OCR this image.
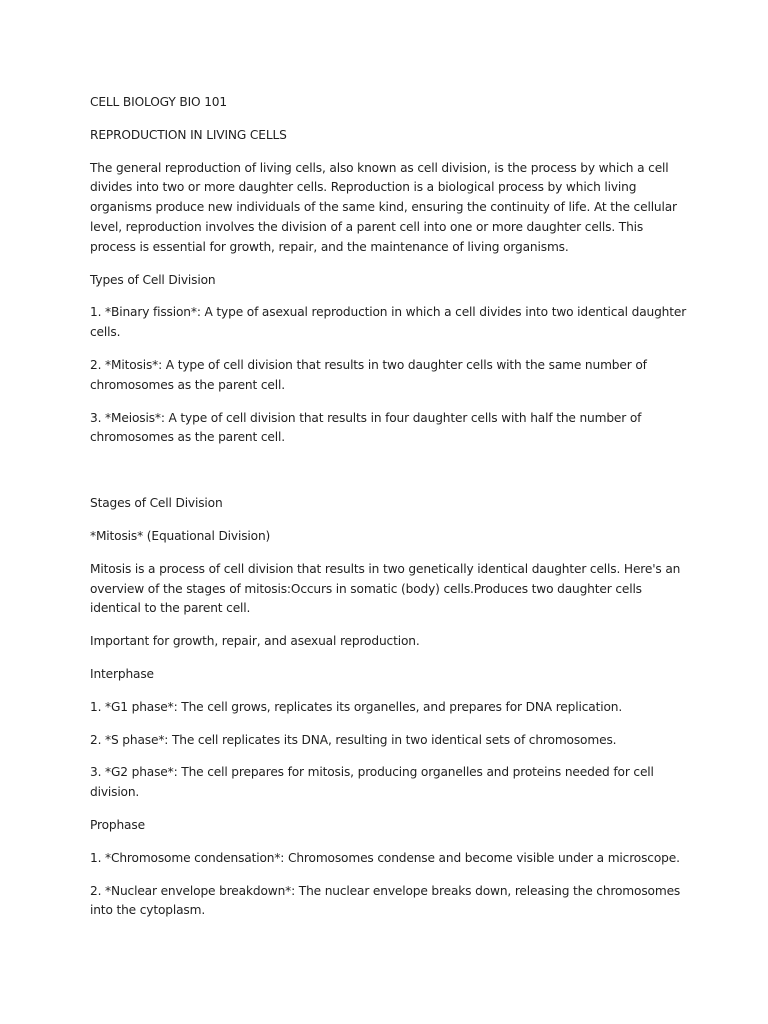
CELL BIOLOGY BIO 101

REPRODUCTION IN LIVING CELLS

The general reproduction of living cells, also known as cell division, is the process by which a cell divides into two or more daughter cells. Reproduction is a biological process by which living organisms produce new individuals of the same kind, ensuring the continuity of life. At the cellular level, reproduction involves the division of a parent cell into one or more daughter cells. This process is essential for growth, repair, and the maintenance of living organisms.

Types of Cell Division

1. *Binary fission*: A type of asexual reproduction in which a cell divides into two identical daughter cells.

2. *Mitosis*: A type of cell division that results in two daughter cells with the same number of chromosomes as the parent cell.

3. *Meiosis*: A type of cell division that results in four daughter cells with half the number of chromosomes as the parent cell.

Stages of Cell Division

*Mitosis* (Equational Division)

Mitosis is a process of cell division that results in two genetically identical daughter cells. Here's an overview of the stages of mitosis:Occurs in somatic (body) cells.Produces two daughter cells identical to the parent cell.

Important for growth, repair, and asexual reproduction.

Interphase

1. *G1 phase*: The cell grows, replicates its organelles, and prepares for DNA replication.

2. *S phase*: The cell replicates its DNA, resulting in two identical sets of chromosomes.

3. *G2 phase*: The cell prepares for mitosis, producing organelles and proteins needed for cell division.

Prophase

1. *Chromosome condensation*: Chromosomes condense and become visible under a microscope.

2. *Nuclear envelope breakdown*: The nuclear envelope breaks down, releasing the chromosomes into the cytoplasm.
